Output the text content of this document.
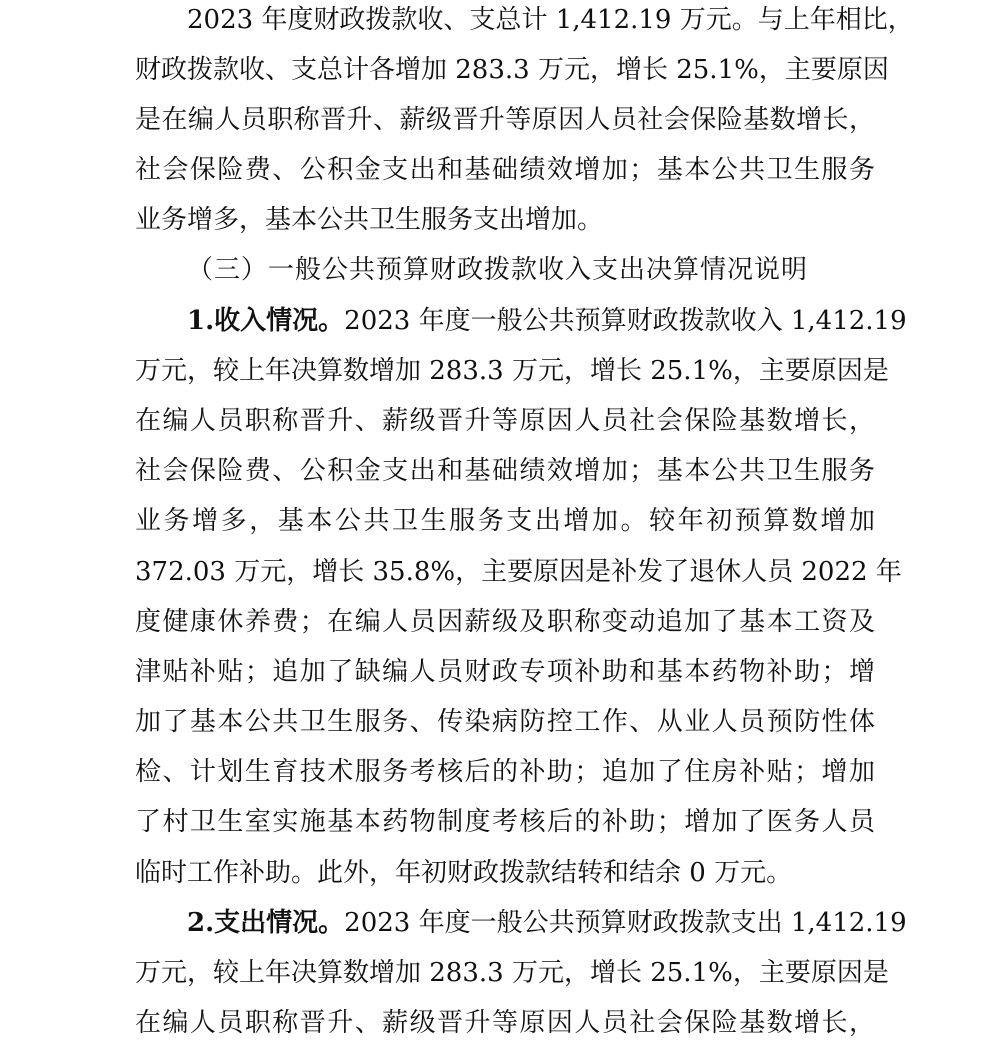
2023 年度财政拨款收、支总计 1,412.19 万元。与上年相比，
财政拨款收、支总计各增加 283.3 万元，增长 25.1%，主要原因
是在编人员职称晋升、薪级晋升等原因人员社会保险基数增长，
社会保险费、公积金支出和基础绩效增加；基本公共卫生服务
业务增多，基本公共卫生服务支出增加。
（三）一般公共预算财政拨款收入支出决算情况说明
1.收入情况。2023 年度一般公共预算财政拨款收入 1,412.19
万元，较上年决算数增加 283.3 万元，增长 25.1%，主要原因是
在编人员职称晋升、薪级晋升等原因人员社会保险基数增长，
社会保险费、公积金支出和基础绩效增加；基本公共卫生服务
业务增多，基本公共卫生服务支出增加。较年初预算数增加
372.03 万元，增长 35.8%，主要原因是补发了退休人员 2022 年
度健康休养费；在编人员因薪级及职称变动追加了基本工资及
津贴补贴；追加了缺编人员财政专项补助和基本药物补助；增
加了基本公共卫生服务、传染病防控工作、从业人员预防性体
检、计划生育技术服务考核后的补助；追加了住房补贴；增加
了村卫生室实施基本药物制度考核后的补助；增加了医务人员
临时工作补助。此外，年初财政拨款结转和结余 0 万元。
2.支出情况。2023 年度一般公共预算财政拨款支出 1,412.19
万元，较上年决算数增加 283.3 万元，增长 25.1%，主要原因是
在编人员职称晋升、薪级晋升等原因人员社会保险基数增长，
